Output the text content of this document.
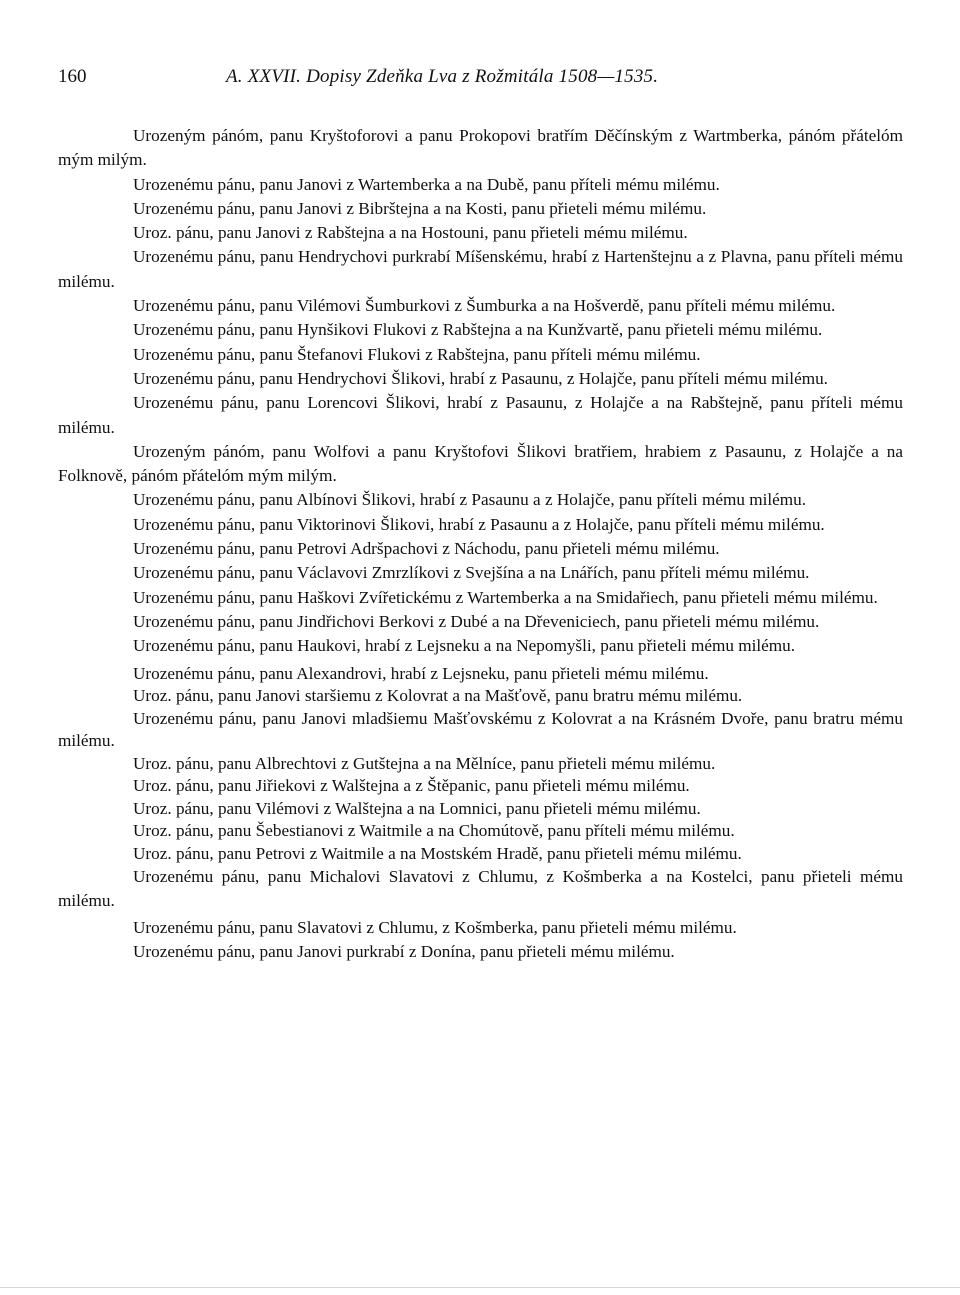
160	A. XXVII. Dopisy Zdeňka Lva z Rožmitála 1508—1535.

Urozeným pánóm, panu Kryštoforovi a panu Prokopovi bratřím Děčínským z Wartmberka, pánóm přátelóm mým milým.

Urozenému pánu, panu Janovi z Wartemberka a na Dubě, panu příteli mému milému.

Urozenému pánu, panu Janovi z Bibrštejna a na Kosti, panu přieteli mému milému.

Uroz. pánu, panu Janovi z Rabštejna a na Hostouni, panu přieteli mému milému.

Urozenému pánu, panu Hendrychovi purkrabí Míšenskému, hrabí z Hartenštejnu a z Plavna, panu příteli mému milému.

Urozenému pánu, panu Vilémovi Šumburkovi z Šumburka a na Hošverdě, panu příteli mému milému.

Urozenému pánu, panu Hynšikovi Flukovi z Rabštejna a na Kunžvartě, panu přieteli mému milému.

Urozenému pánu, panu Štefanovi Flukovi z Rabštejna, panu příteli mému milému.

Urozenému pánu, panu Hendrychovi Šlikovi, hrabí z Pasaunu, z Holajče, panu příteli mému milému.

Urozenému pánu, panu Lorencovi Šlikovi, hrabí z Pasaunu, z Holajče a na Rabštejně, panu příteli mému milému.

Urozeným pánóm, panu Wolfovi a panu Kryštofovi Šlikovi bratřiem, hrabiem z Pasaunu, z Holajče a na Folknově, pánóm přátelóm mým milým.

Urozenému pánu, panu Albínovi Šlikovi, hrabí z Pasaunu a z Holajče, panu příteli mému milému.

Urozenému pánu, panu Viktorinovi Šlikovi, hrabí z Pasaunu a z Holajče, panu příteli mému milému.

Urozenému pánu, panu Petrovi Adršpachovi z Náchodu, panu přieteli mému milému.

Urozenému pánu, panu Václavovi Zmrzlíkovi z Svejšína a na Lnářích, panu příteli mému milému.

Urozenému pánu, panu Haškovi Zvířetickému z Wartemberka a na Smidařiech, panu přieteli mému milému.

Urozenému pánu, panu Jindřichovi Berkovi z Dubé a na Dřeveniciech, panu přieteli mému milému.

Urozenému pánu, panu Haukovi, hrabí z Lejsneku a na Nepomyšli, panu přieteli mému milému.

Urozenému pánu, panu Alexandrovi, hrabí z Lejsneku, panu přieteli mému milému.

Uroz. pánu, panu Janovi staršiemu z Kolovrat a na Mašťově, panu bratru mému milému.

Urozenému pánu, panu Janovi mladšiemu Mašťovskému z Kolovrat a na Krásném Dvoře, panu bratru mému milému.

Uroz. pánu, panu Albrechtovi z Gutštejna a na Mělníce, panu přieteli mému milému.

Uroz. pánu, panu Jiřiekovi z Walštejna a z Štěpanic, panu přieteli mému milému.

Uroz. pánu, panu Vilémovi z Walštejna a na Lomnici, panu přieteli mému milému.

Uroz. pánu, panu Šebestianovi z Waitmile a na Chomútově, panu příteli mému milému.

Uroz. pánu, panu Petrovi z Waitmile a na Mostském Hradě, panu přieteli mému milému.

Urozenému pánu, panu Michalovi Slavatovi z Chlumu, z Košmberka a na Kostelci, panu přieteli mému milému.

Urozenému pánu, panu Slavatovi z Chlumu, z Košmberka, panu přieteli mému milému.

Urozenému pánu, panu Janovi purkrabí z Donína, panu přieteli mému milému.
